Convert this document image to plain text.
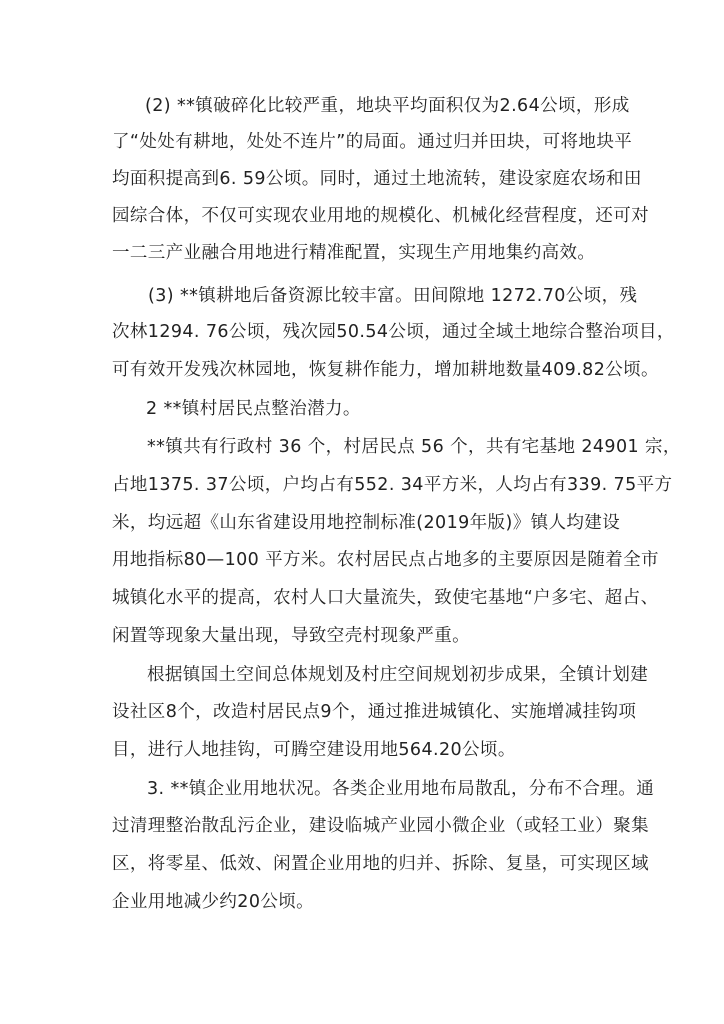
(2) **镇破碎化比较严重，地块平均面积仅为2.64公顷，形成
了“处处有耕地，处处不连片”的局面。通过归并田块，可将地块平
均面积提高到6. 59公顷。同时，通过土地流转，建设家庭农场和田
园综合体，不仅可实现农业用地的规模化、机械化经营程度，还可对
一二三产业融合用地进行精准配置，实现生产用地集约高效。
(3) **镇耕地后备资源比较丰富。田间隙地 1272.70公顷，残
次林1294. 76公顷，残次园50.54公顷，通过全域土地综合整治项目，
可有效开发残次林园地，恢复耕作能力，增加耕地数量409.82公顷。
2 **镇村居民点整治潜力。
**镇共有行政村 36 个，村居民点 56 个，共有宅基地 24901 宗，
占地1375. 37公顷，户均占有552. 34平方米，人均占有339. 75平方
米，均远超《山东省建设用地控制标准(2019年版)》镇人均建设
用地指标80—100 平方米。农村居民点占地多的主要原因是随着全市
城镇化水平的提高，农村人口大量流失，致使宅基地“户多宅、超占、
闲置等现象大量出现，导致空壳村现象严重。
根据镇国土空间总体规划及村庄空间规划初步成果，全镇计划建
设社区8个，改造村居民点9个，通过推进城镇化、实施增减挂钩项
目，进行人地挂钩，可腾空建设用地564.20公顷。
3. **镇企业用地状况。各类企业用地布局散乱，分布不合理。通
过清理整治散乱污企业，建设临城产业园小微企业（或轻工业）聚集
区，将零星、低效、闲置企业用地的归并、拆除、复垦，可实现区域
企业用地减少约20公顷。
